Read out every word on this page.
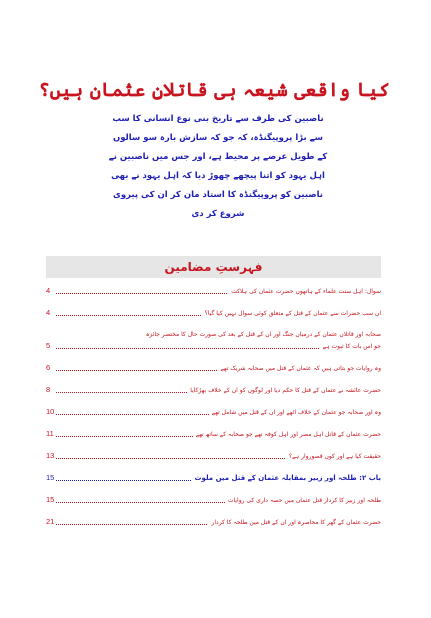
کیا واقعی شیعہ ہی قاتلانِ عثمان ہیں؟
ناصبین کی طرف سے تاریخ بنی نوع انسانی کا سب سے بڑا پروپیگنڈہ، کہ جو کہ سازش بارہ سو سالوں کے طویل عرصے پر محیط ہے، اور جس میں ناصبین نے اہل یہود کو اتنا پیچھے چھوڑ دیا کہ اہل یہود نے بھی ناصبین کو پروپیگنڈہ کا استاد مان کر ان کی پیروی شروع کر دی
فہرستِ مضامین
4	سوال: اہل سنت علماء کے ہاتھوں حضرت عثمان کی ہلاکت
4	ان سب حضرات سے عثمان کے قتل کے متعلق کوئی سوال نہیں کیا گیا؟
صحابہ اور قاتلان عثمان کے درمیان جنگ اور ان کے قتل کے بعد کی صورت حال کا مختصر جائزہ
5	جو اس بات کا ثبوت ہے
6	وہ روایات جو بتاتی ہیں کہ عثمان کے قتل میں صحابہ شریک تھے
8	حضرت عائشہ نے عثمان کے قتل کا حکم دیا اور لوگوں کو ان کے خلاف بھڑکایا
10	وہ اور صحابہ جو عثمان کے خلاف اٹھے اور ان کے قتل میں شامل تھے
11	حضرت عثمان کے قاتل اہل مصر اور اہل کوفہ تھے جو صحابہ کے ساتھ تھے
13	حقیقت کیا ہے اور کون قصوروار ہے؟
15	باب ۲: طلحہ اور زبیر بمقابلہ عثمان کے قتل میں ملوث
15	طلحہ اور زبیر کا کردار قتل عثمان میں حصہ داری کی روایات
21	حضرت عثمان کے گھر کا محاصرہ اور ان کے قتل میں طلحہ کا کردار
